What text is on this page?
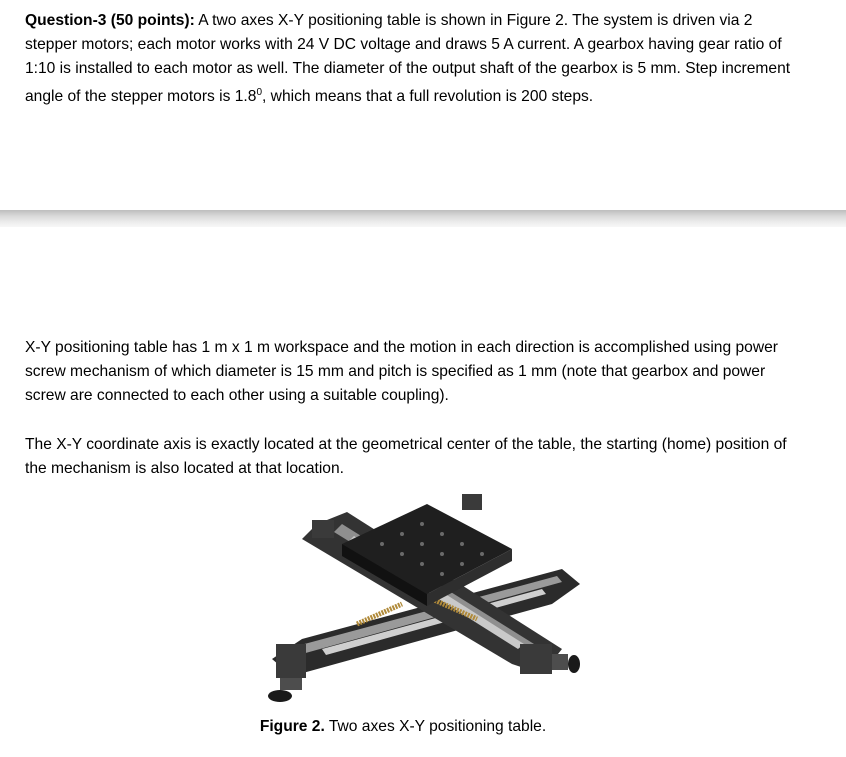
Question-3 (50 points): A two axes X-Y positioning table is shown in Figure 2. The system is driven via 2 stepper motors; each motor works with 24 V DC voltage and draws 5 A current. A gearbox having gear ratio of 1:10 is installed to each motor as well. The diameter of the output shaft of the gearbox is 5 mm. Step increment angle of the stepper motors is $1.8^0$, which means that a full revolution is 200 steps.

X-Y positioning table has 1 m x 1 m workspace and the motion in each direction is accomplished using power screw mechanism of which diameter is 15 mm and pitch is specified as 1 mm (note that gearbox and power screw are connected to each other using a suitable coupling).

The X-Y coordinate axis is exactly located at the geometrical center of the table, the starting (home) position of the mechanism is also located at that location.

Figure 2. Two axes X-Y positioning table.
